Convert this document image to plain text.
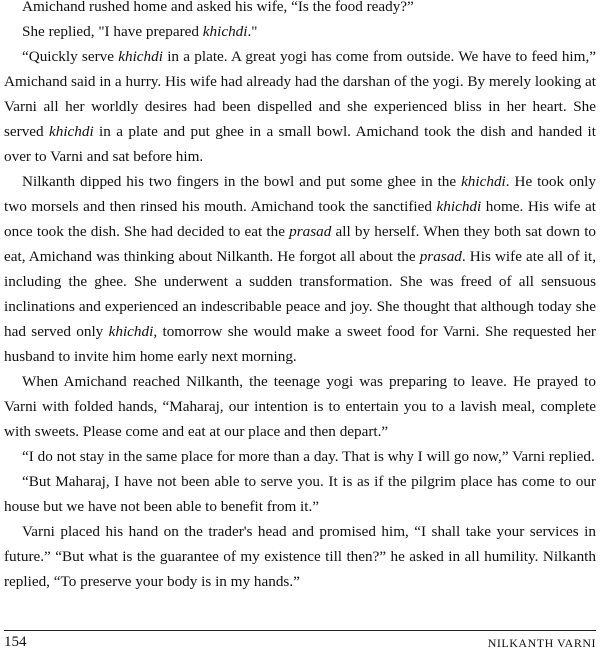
Amichand rushed home and asked his wife, “Is the food ready?”

She replied, "I have prepared khichdi."

“Quickly serve khichdi in a plate. A great yogi has come from outside. We have to feed him,” Amichand said in a hurry. His wife had already had the darshan of the yogi. By merely looking at Varni all her worldly desires had been dispelled and she experienced bliss in her heart. She served khichdi in a plate and put ghee in a small bowl. Amichand took the dish and handed it over to Varni and sat before him.

Nilkanth dipped his two fingers in the bowl and put some ghee in the khichdi. He took only two morsels and then rinsed his mouth. Amichand took the sanctified khichdi home. His wife at once took the dish. She had decided to eat the prasad all by herself. When they both sat down to eat, Amichand was thinking about Nilkanth. He forgot all about the prasad. His wife ate all of it, including the ghee. She underwent a sudden transformation. She was freed of all sensuous inclinations and experienced an indescribable peace and joy. She thought that although today she had served only khichdi, tomorrow she would make a sweet food for Varni. She requested her husband to invite him home early next morning.

When Amichand reached Nilkanth, the teenage yogi was preparing to leave. He prayed to Varni with folded hands, “Maharaj, our intention is to entertain you to a lavish meal, complete with sweets. Please come and eat at our place and then depart.”

“I do not stay in the same place for more than a day. That is why I will go now,” Varni replied.

“But Maharaj, I have not been able to serve you. It is as if the pilgrim place has come to our house but we have not been able to benefit from it.”

Varni placed his hand on the trader's head and promised him, “I shall take your services in future.” “But what is the guarantee of my existence till then?” he asked in all humility. Nilkanth replied, “To preserve your body is in my hands.”

154	NILKANTH VARNI
